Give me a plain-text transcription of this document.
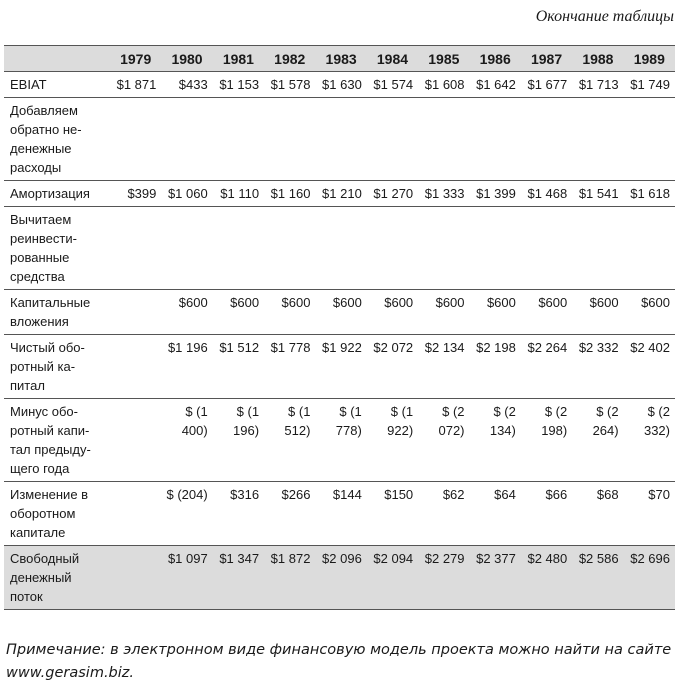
Окончание таблицы
	1979	1980	1981	1982	1983	1984	1985	1986	1987	1988	1989
EBIAT	$1 871	$433	$1 153	$1 578	$1 630	$1 574	$1 608	$1 642	$1 677	$1 713	$1 749
Добавляем обратно не-денежные расходы											
Амортизация	$399	$1 060	$1 110	$1 160	$1 210	$1 270	$1 333	$1 399	$1 468	$1 541	$1 618
Вычитаем реинвести-рованные средства											
Капитальные вложения		$600	$600	$600	$600	$600	$600	$600	$600	$600	$600
Чистый обо-ротный ка-питал		$1 196	$1 512	$1 778	$1 922	$2 072	$2 134	$2 198	$2 264	$2 332	$2 402
Минус обо-ротный капи-тал предыду-щего года		$ (1 400)	$ (1 196)	$ (1 512)	$ (1 778)	$ (1 922)	$ (2 072)	$ (2 134)	$ (2 198)	$ (2 264)	$ (2 332)
Изменение в оборотном капитале		$ (204)	$316	$266	$144	$150	$62	$64	$66	$68	$70
Свободный денежный поток		$1 097	$1 347	$1 872	$2 096	$2 094	$2 279	$2 377	$2 480	$2 586	$2 696
Примечание: в электронном виде финансовую модель проекта можно найти на сайте www.gerasim.biz.
